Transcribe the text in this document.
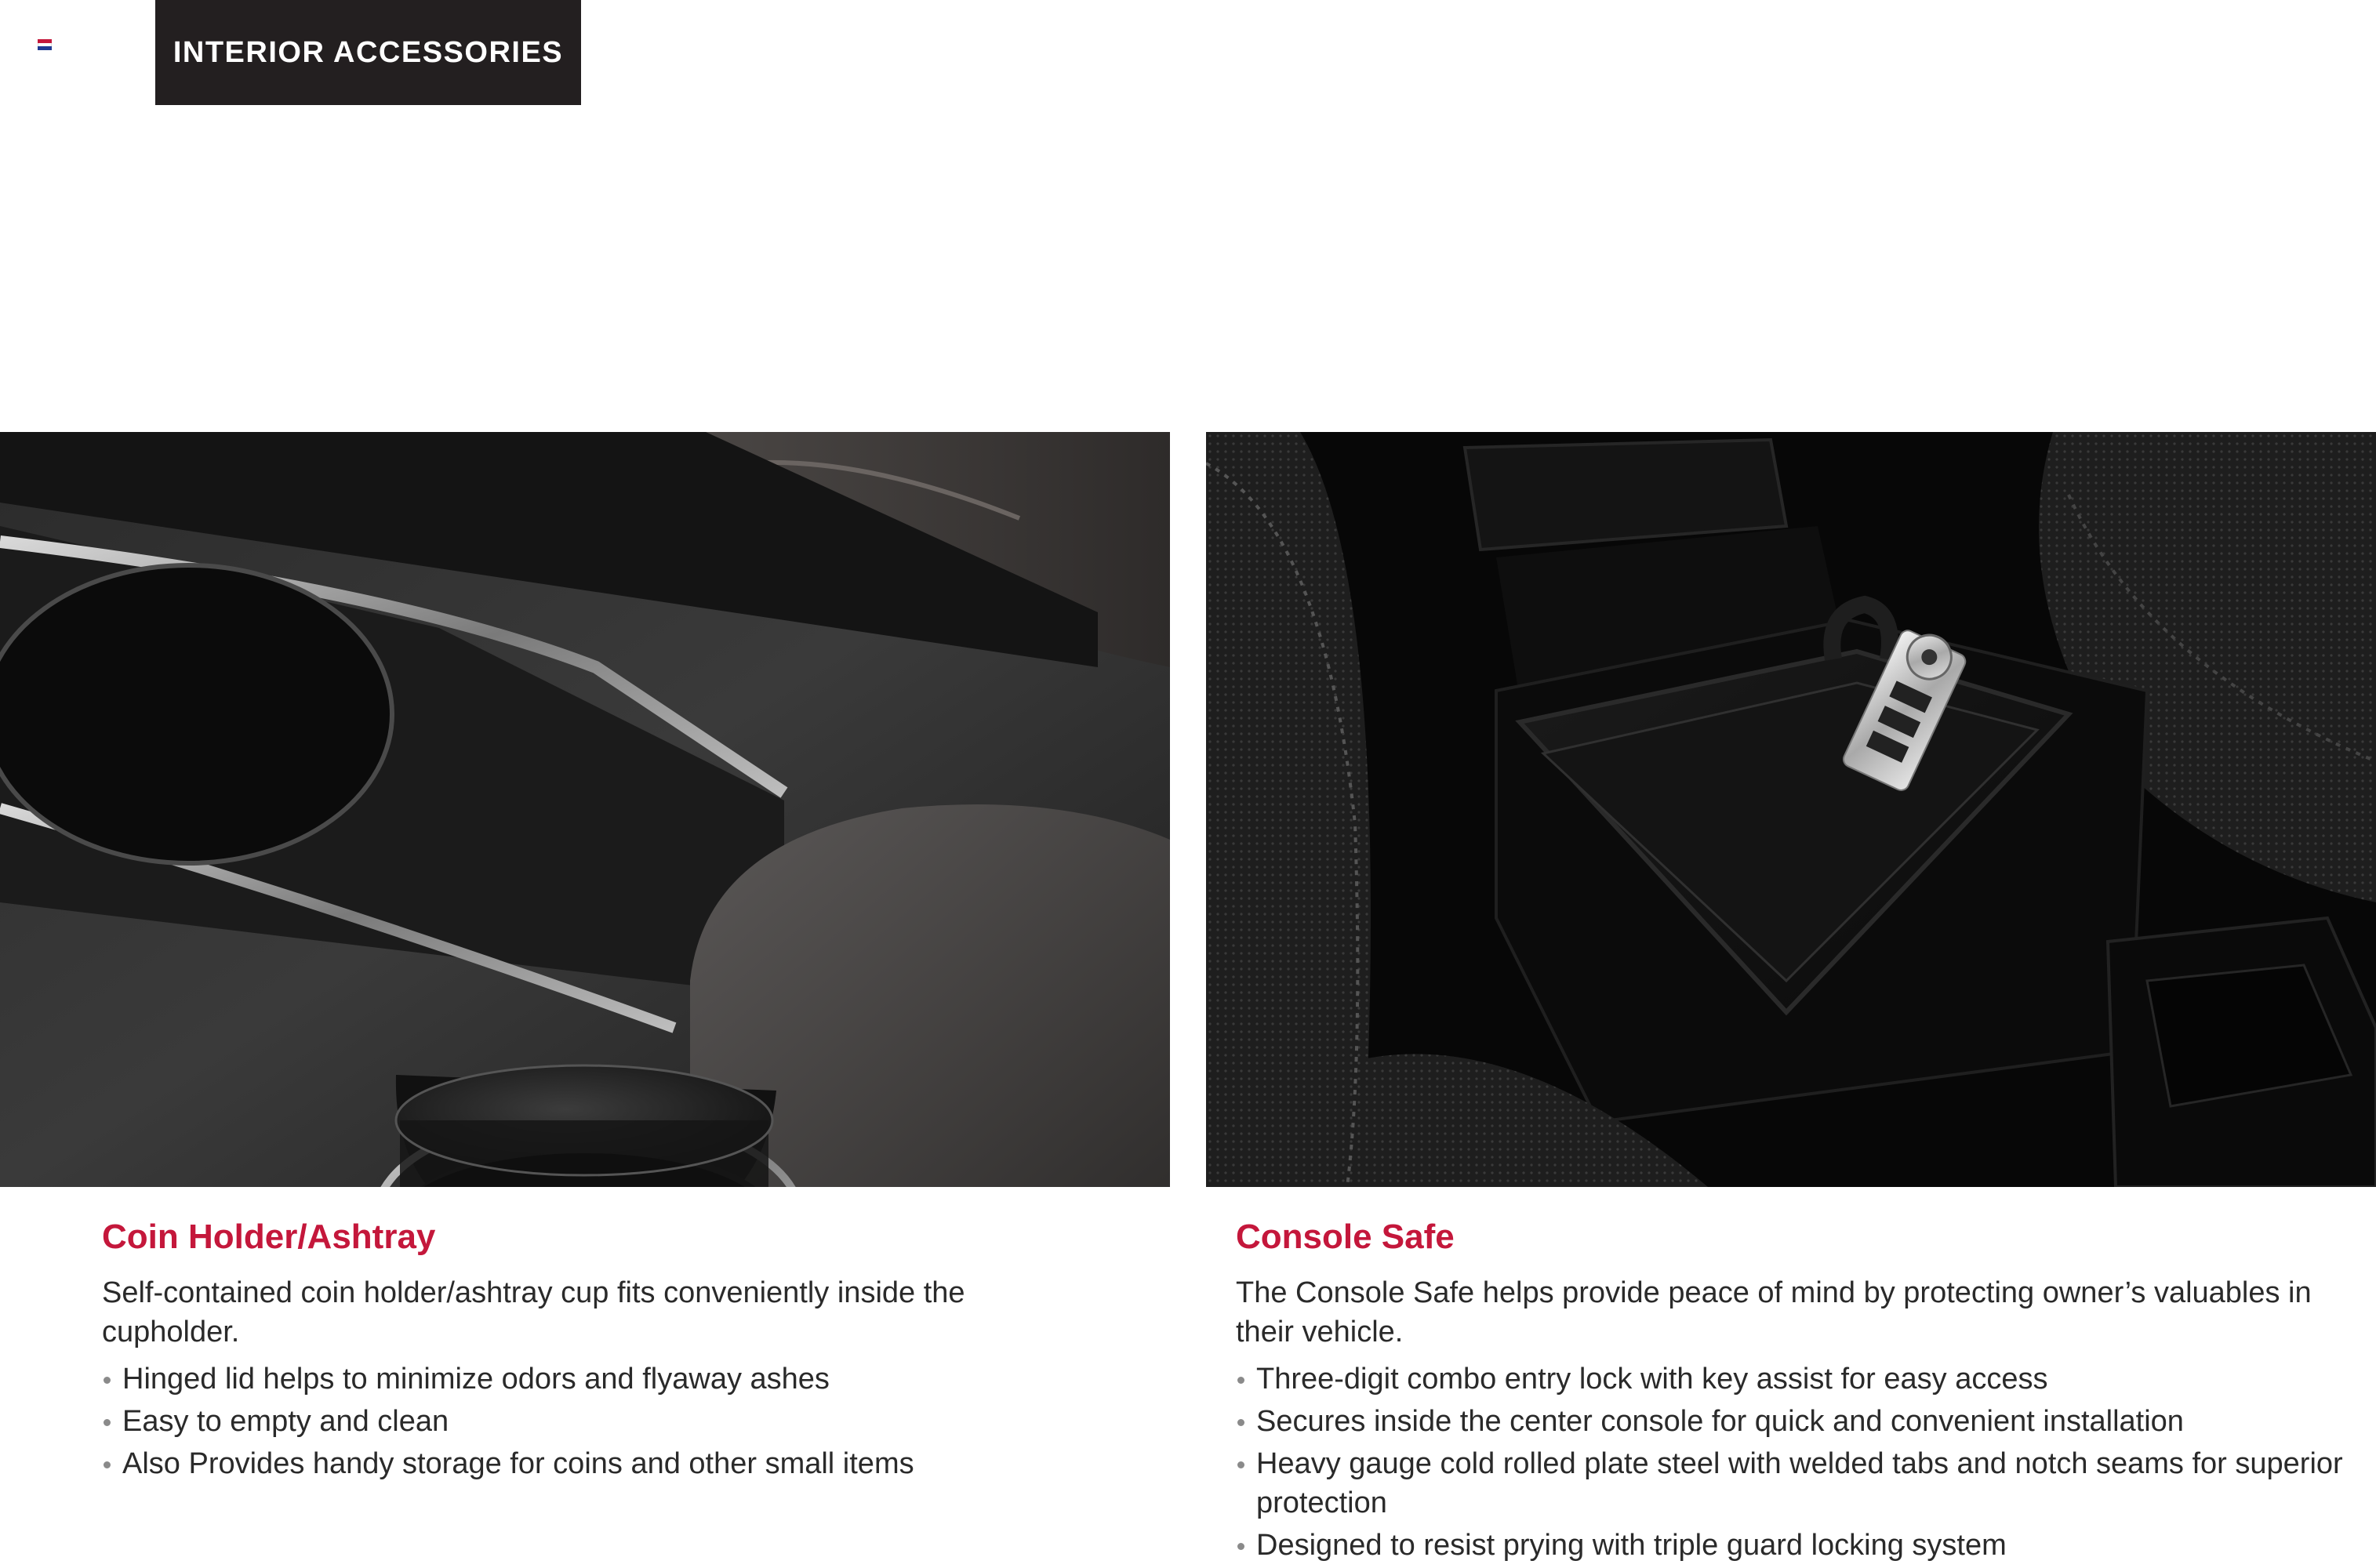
INTERIOR ACCESSORIES
Coin Holder/Ashtray

Self-contained coin holder/ashtray cup fits conveniently inside the cupholder.

Hinged lid helps to minimize odors and flyaway ashes
Easy to empty and clean
Also Provides handy storage for coins and other small items
Console Safe

The Console Safe helps provide peace of mind by protecting owner’s valuables in their vehicle.

Three-digit combo entry lock with key assist for easy access
Secures inside the center console for quick and convenient installation
Heavy gauge cold rolled plate steel with welded tabs and notch seams for superior protection
Designed to resist prying with triple guard locking system
